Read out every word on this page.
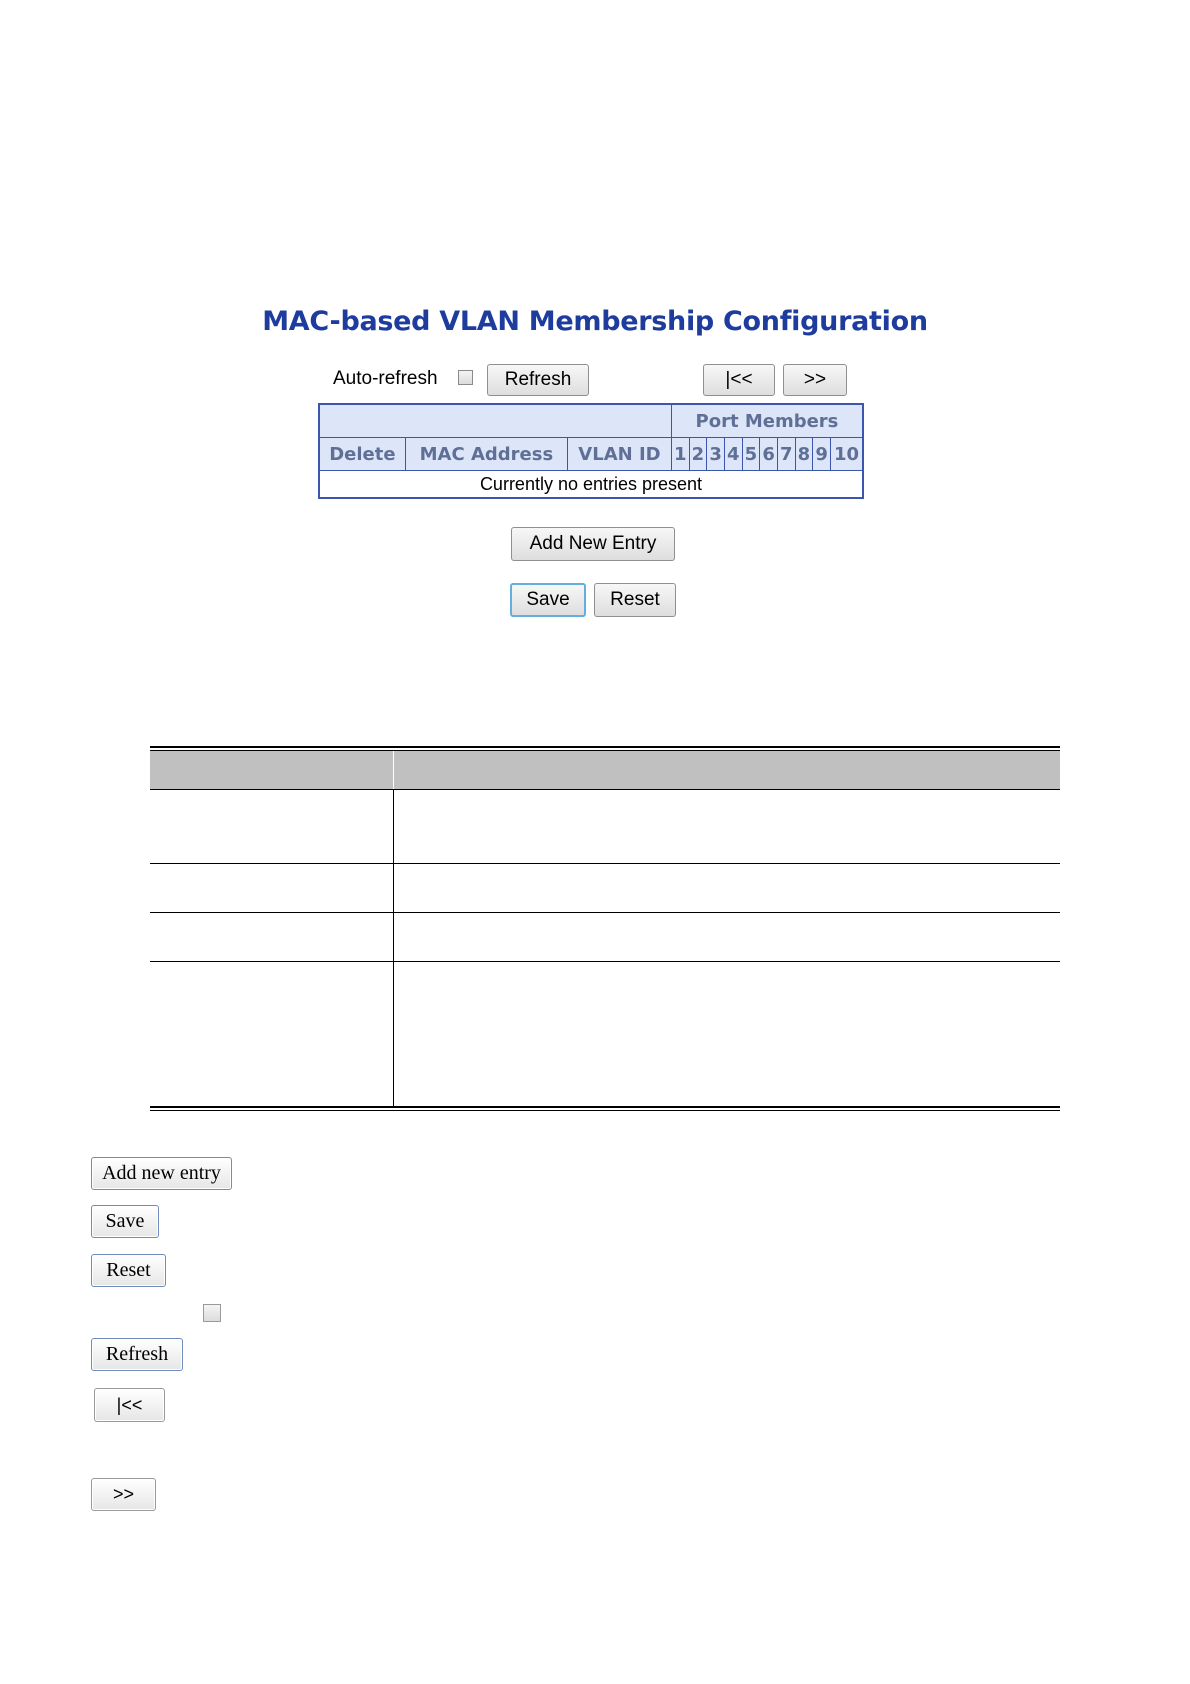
MAC-based VLAN Membership Configuration
Auto-refresh	Refresh	|<<	>>
			Port Members									
Delete	MAC Address	VLAN ID	1	2	3	4	5	6	7	8	9	10
Currently no entries present												
Add New Entry
Save	Reset
Add new entry
Save
Reset
Refresh
|<<
>>
